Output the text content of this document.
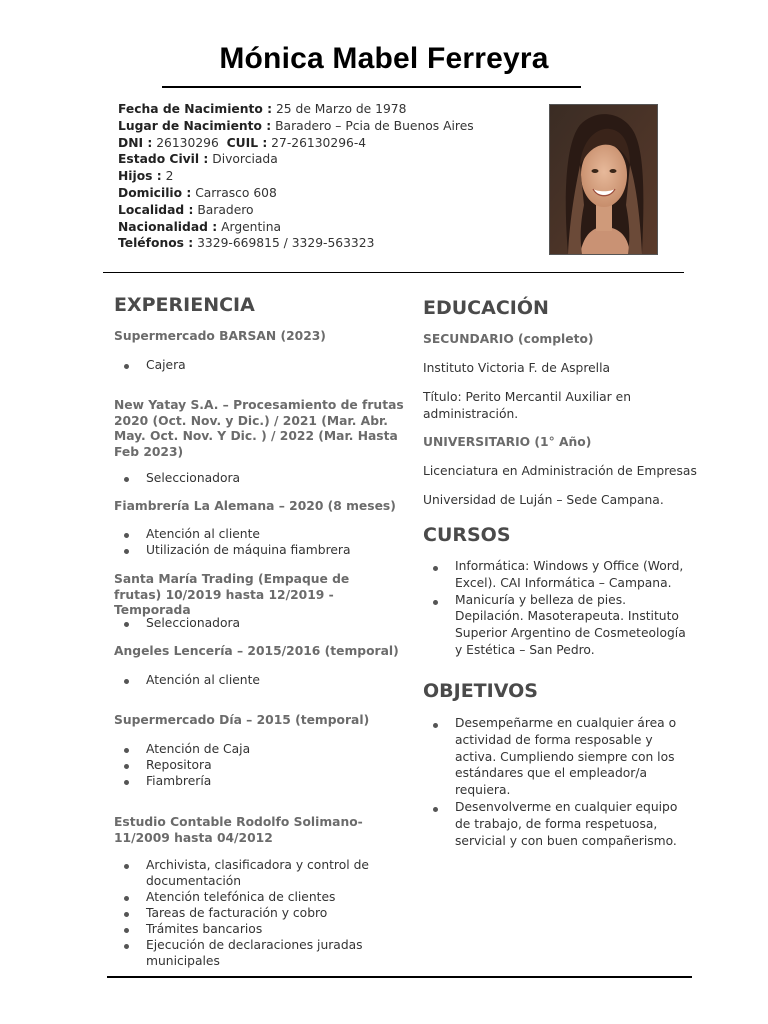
Mónica Mabel Ferreyra
Fecha de Nacimiento : 25 de Marzo de 1978
Lugar de Nacimiento : Baradero – Pcia de Buenos Aires
DNI : 26130296 CUIL : 27-26130296-4
Estado Civil : Divorciada
Hijos : 2
Domicilio : Carrasco 608
Localidad : Baradero
Nacionalidad : Argentina
Teléfonos : 3329-669815 / 3329-563323
EXPERIENCIA
Supermercado BARSAN (2023)
Cajera
New Yatay S.A. – Procesamiento de frutas 2020 (Oct. Nov. y Dic.) / 2021 (Mar. Abr. May. Oct. Nov. Y Dic. ) / 2022 (Mar. Hasta Feb 2023)
Seleccionadora
Fiambrería La Alemana – 2020 (8 meses)
Atención al cliente
Utilización de máquina fiambrera
Santa María Trading (Empaque de frutas) 10/2019 hasta 12/2019 - Temporada
Seleccionadora
Angeles Lencería – 2015/2016 (temporal)
Atención al cliente
Supermercado Día – 2015 (temporal)
Atención de Caja
Repositora
Fiambrería
Estudio Contable Rodolfo Solimano- 11/2009 hasta 04/2012
Archivista, clasificadora y control de documentación
Atención telefónica de clientes
Tareas de facturación y cobro
Trámites bancarios
Ejecución de declaraciones juradas municipales
EDUCACIÓN
SECUNDARIO (completo)
Instituto Victoria F. de Asprella
Título: Perito Mercantil Auxiliar en administración.
UNIVERSITARIO (1° Año)
Licenciatura en Administración de Empresas
Universidad de Luján – Sede Campana.
CURSOS
Informática: Windows y Office (Word, Excel). CAI Informática – Campana.
Manicuría y belleza de pies. Depilación. Masoterapeuta. Instituto Superior Argentino de Cosmeteología y Estética – San Pedro.
OBJETIVOS
Desempeñarme en cualquier área o actividad de forma resposable y activa. Cumpliendo siempre con los estándares que el empleador/a requiera.
Desenvolverme en cualquier equipo de trabajo, de forma respetuosa, servicial y con buen compañerismo.
